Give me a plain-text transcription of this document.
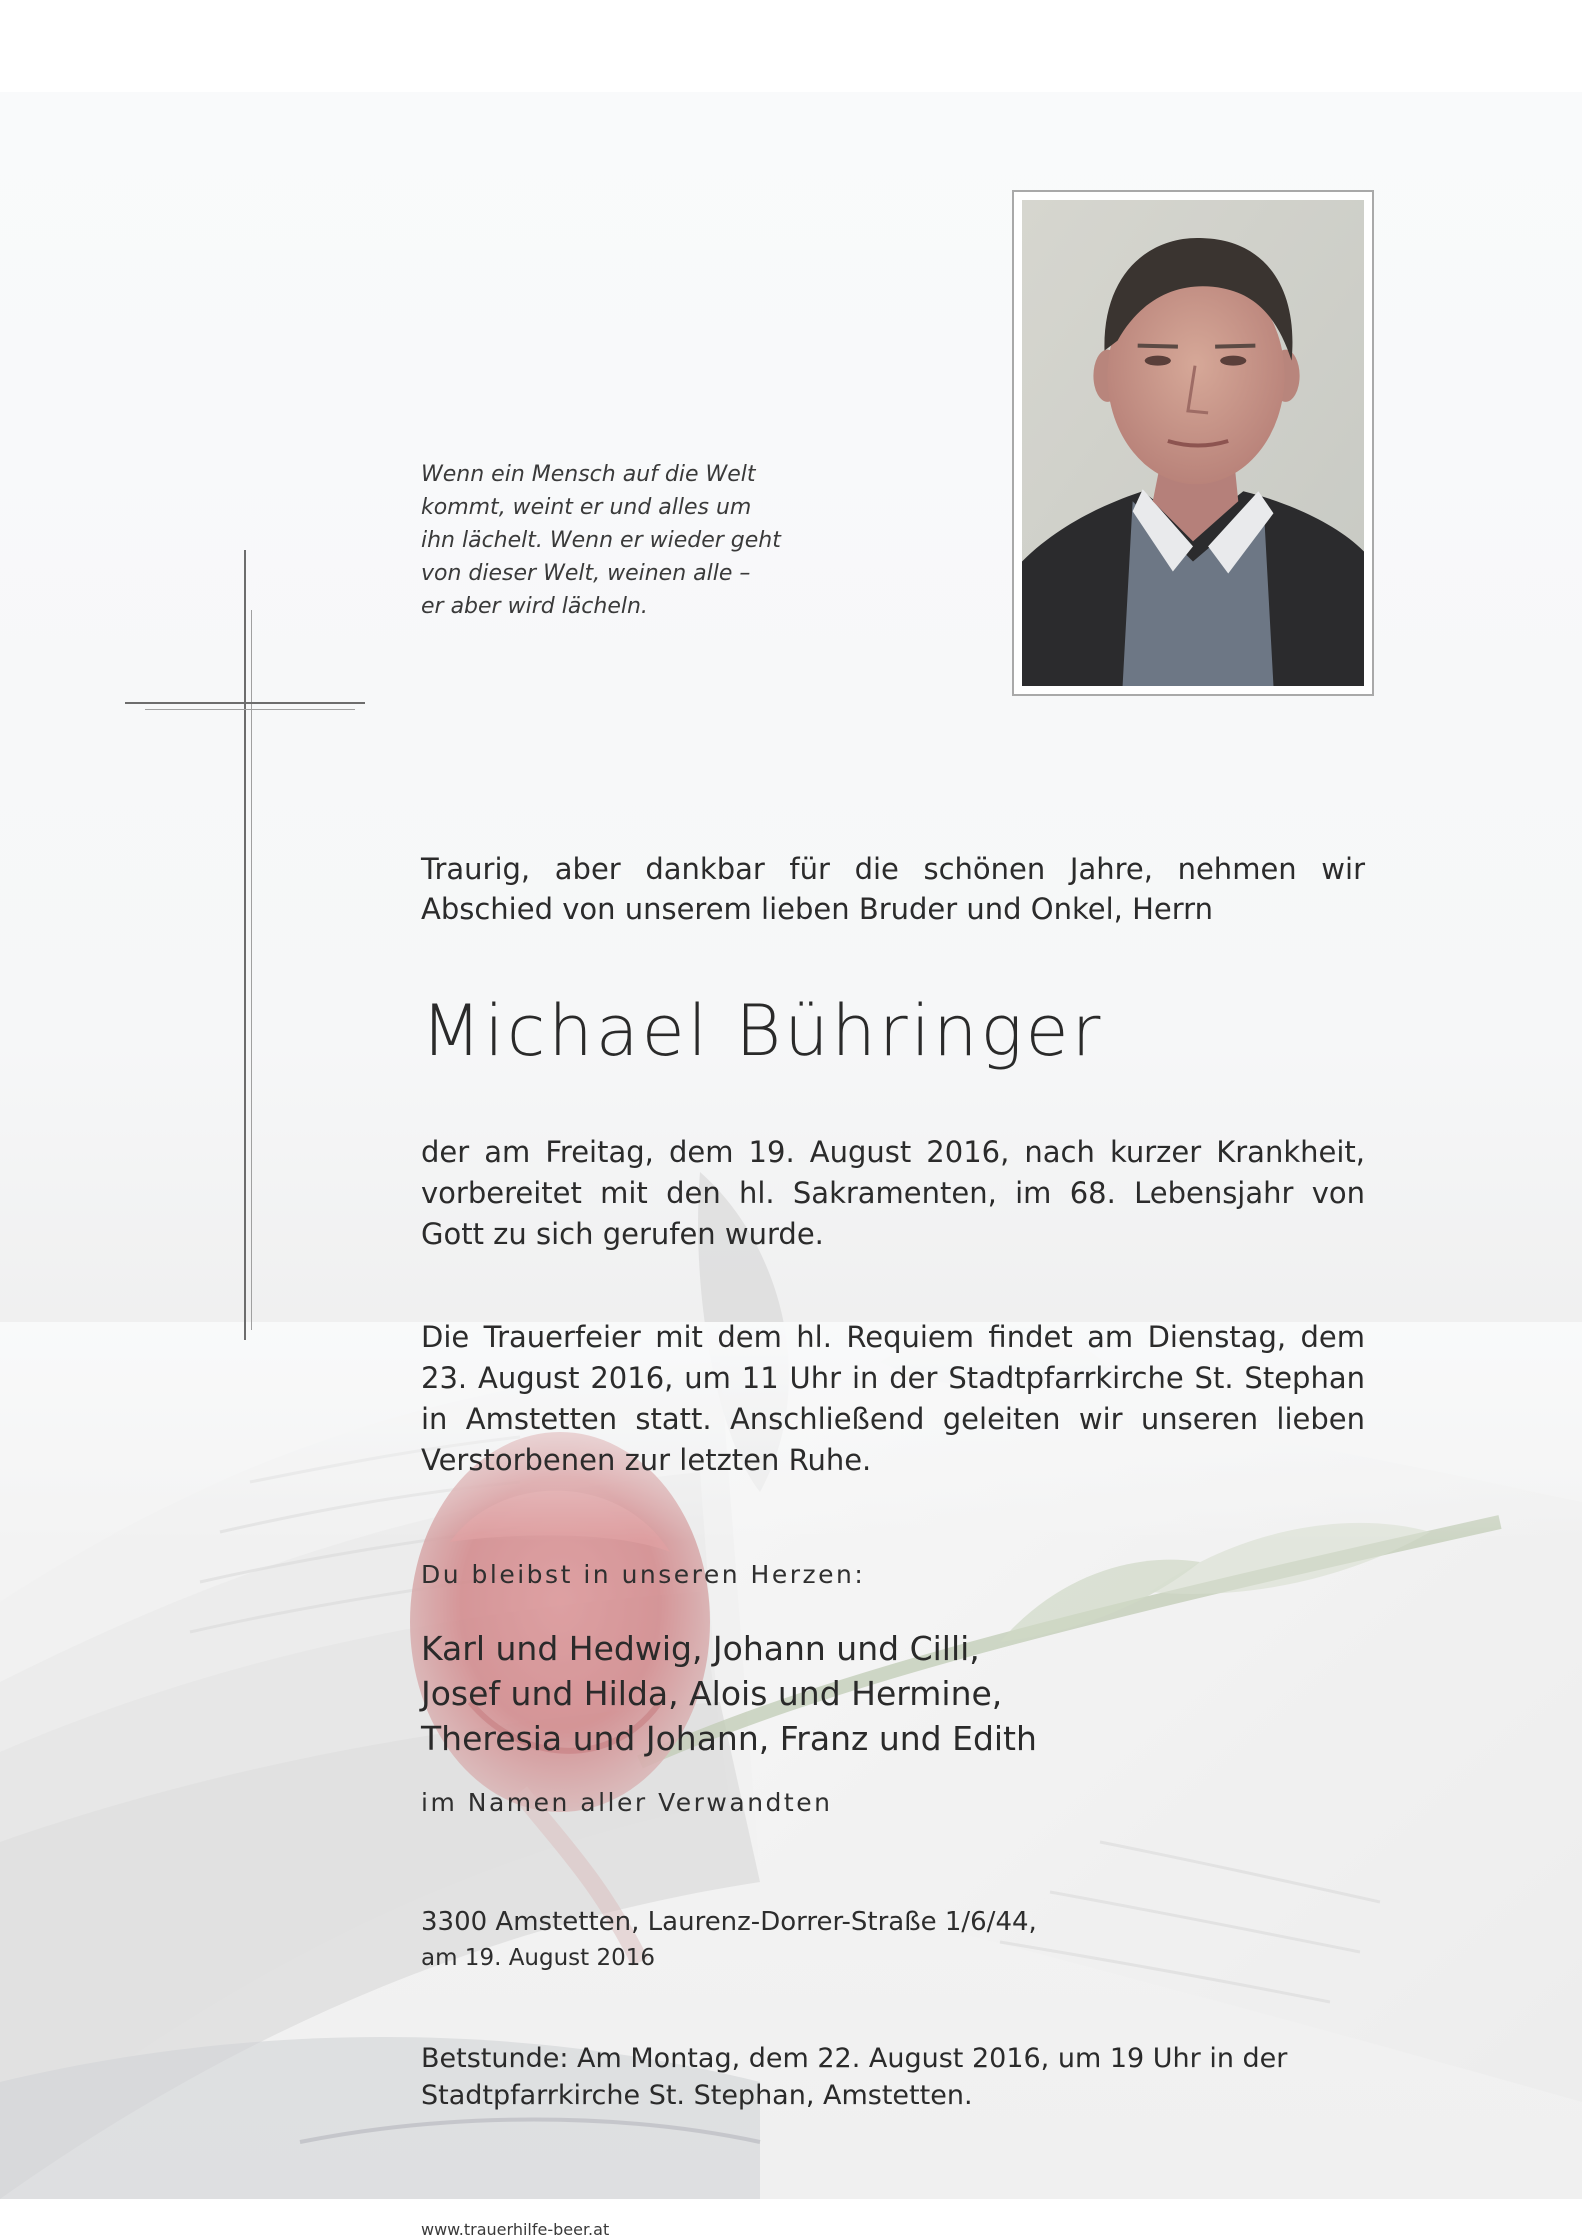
Wenn ein Mensch auf die Welt
kommt, weint er und alles um
ihn lächelt. Wenn er wieder geht
von dieser Welt, weinen alle –
er aber wird lächeln.

Traurig, aber dankbar für die schönen Jahre, nehmen wir
Abschied von unserem lieben Bruder und Onkel, Herrn
Michael Bühringer
der am Freitag, dem 19. August 2016, nach kurzer Krankheit,
vorbereitet mit den hl. Sakramenten, im 68. Lebensjahr von
Gott zu sich gerufen wurde.
Die Trauerfeier mit dem hl. Requiem findet am Dienstag, dem
23. August 2016, um 11 Uhr in der Stadtpfarrkirche St. Stephan
in Amstetten statt. Anschließend geleiten wir unseren lieben
Verstorbenen zur letzten Ruhe.
Du bleibst in unseren Herzen:
Karl und Hedwig, Johann und Cilli,
Josef und Hilda, Alois und Hermine,
Theresia und Johann, Franz und Edith
im Namen aller Verwandten
3300 Amstetten, Laurenz-Dorrer-Straße 1/6/44,
am 19. August 2016
Betstunde: Am Montag, dem 22. August 2016, um 19 Uhr in der
Stadtpfarrkirche St. Stephan, Amstetten.
www.trauerhilfe-beer.at
